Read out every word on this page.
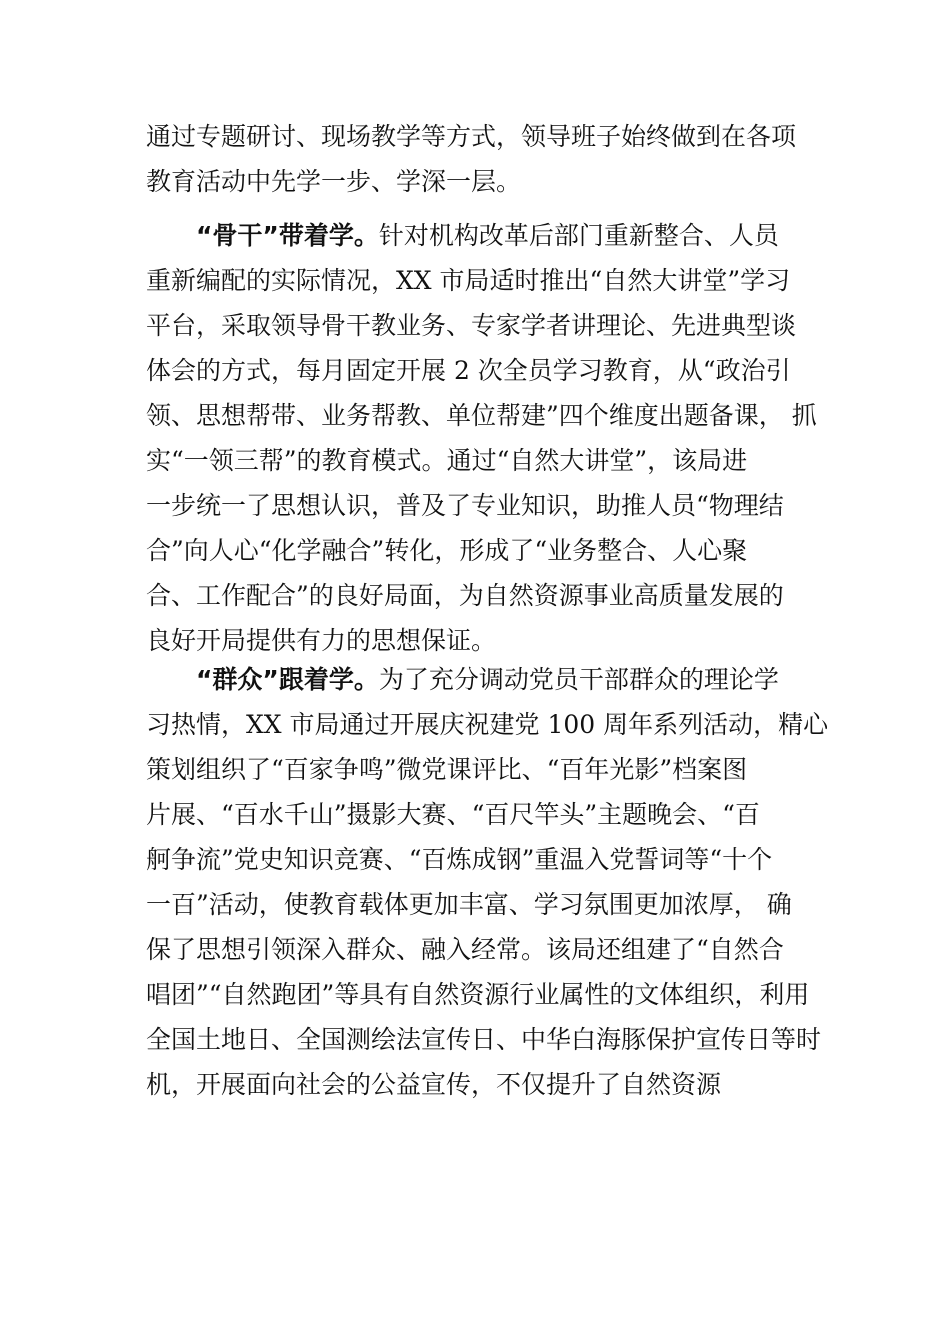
通过专题研讨、现场教学等方式，领导班子始终做到在各项
教育活动中先学一步、学深一层。
“骨干”带着学。针对机构改革后部门重新整合、人员
重新编配的实际情况，XX 市局适时推出“自然大讲堂”学习
平台，采取领导骨干教业务、专家学者讲理论、先进典型谈
体会的方式，每月固定开展 2 次全员学习教育，从“政治引
领、思想帮带、业务帮教、单位帮建”四个维度出题备课， 抓
实“一领三帮”的教育模式。通过“自然大讲堂”，该局进
一步统一了思想认识，普及了专业知识，助推人员“物理结
合”向人心“化学融合”转化，形成了“业务整合、人心聚
合、工作配合”的良好局面，为自然资源事业高质量发展的
良好开局提供有力的思想保证。
“群众”跟着学。为了充分调动党员干部群众的理论学
习热情，XX 市局通过开展庆祝建党 100 周年系列活动，精心
策划组织了“百家争鸣”微党课评比、“百年光影”档案图
片展、“百水千山”摄影大赛、“百尺竿头”主题晚会、“百
舸争流”党史知识竞赛、“百炼成钢”重温入党誓词等“十个
一百”活动，使教育载体更加丰富、学习氛围更加浓厚， 确
保了思想引领深入群众、融入经常。该局还组建了“自然合
唱团”“自然跑团”等具有自然资源行业属性的文体组织，利用
全国土地日、全国测绘法宣传日、中华白海豚保护宣传日等时
机，开展面向社会的公益宣传，不仅提升了自然资源
